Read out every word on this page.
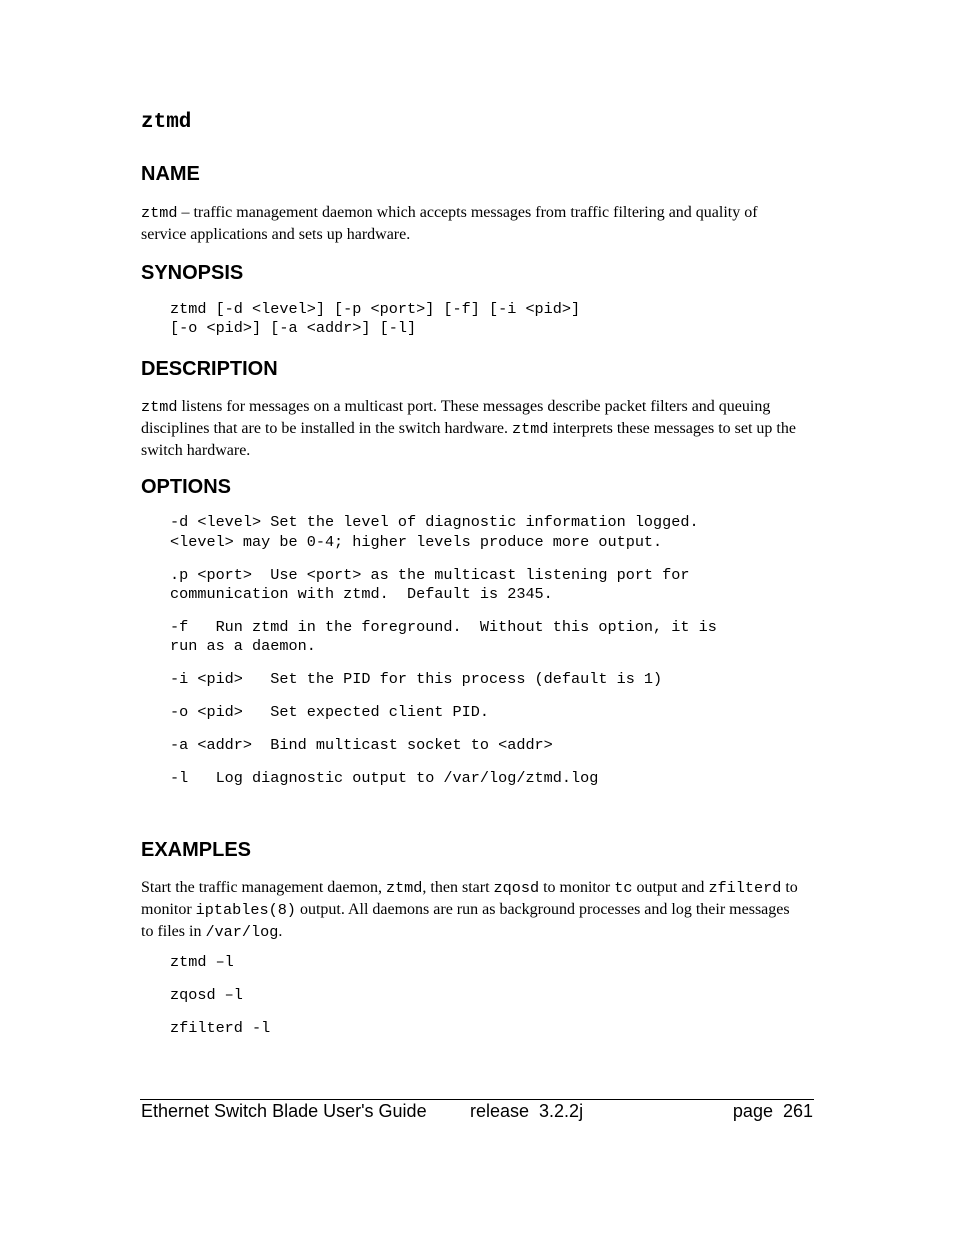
ztmd
NAME
ztmd – traffic management daemon which accepts messages from traffic filtering and quality of service applications and sets up hardware.
SYNOPSIS
ztmd [-d <level>] [-p <port>] [-f] [-i <pid>]
[-o <pid>] [-a <addr>] [-l]
DESCRIPTION
ztmd listens for messages on a multicast port. These messages describe packet filters and queuing disciplines that are to be installed in the switch hardware. ztmd interprets these messages to set up the switch hardware.
OPTIONS
-d <level> Set the level of diagnostic information logged.
<level> may be 0-4; higher levels produce more output.
.p <port>  Use <port> as the multicast listening port for
communication with ztmd.  Default is 2345.
-f   Run ztmd in the foreground.  Without this option, it is
run as a daemon.
-i <pid>   Set the PID for this process (default is 1)
-o <pid>   Set expected client PID.
-a <addr>  Bind multicast socket to <addr>
-l   Log diagnostic output to /var/log/ztmd.log
EXAMPLES
Start the traffic management daemon, ztmd, then start zqosd to monitor tc output and zfilterd to monitor iptables(8) output. All daemons are run as background processes and log their messages to files in /var/log.
ztmd –l
zqosd –l
zfilterd -l
Ethernet Switch Blade User's Guide release  3.2.2j	page  261
